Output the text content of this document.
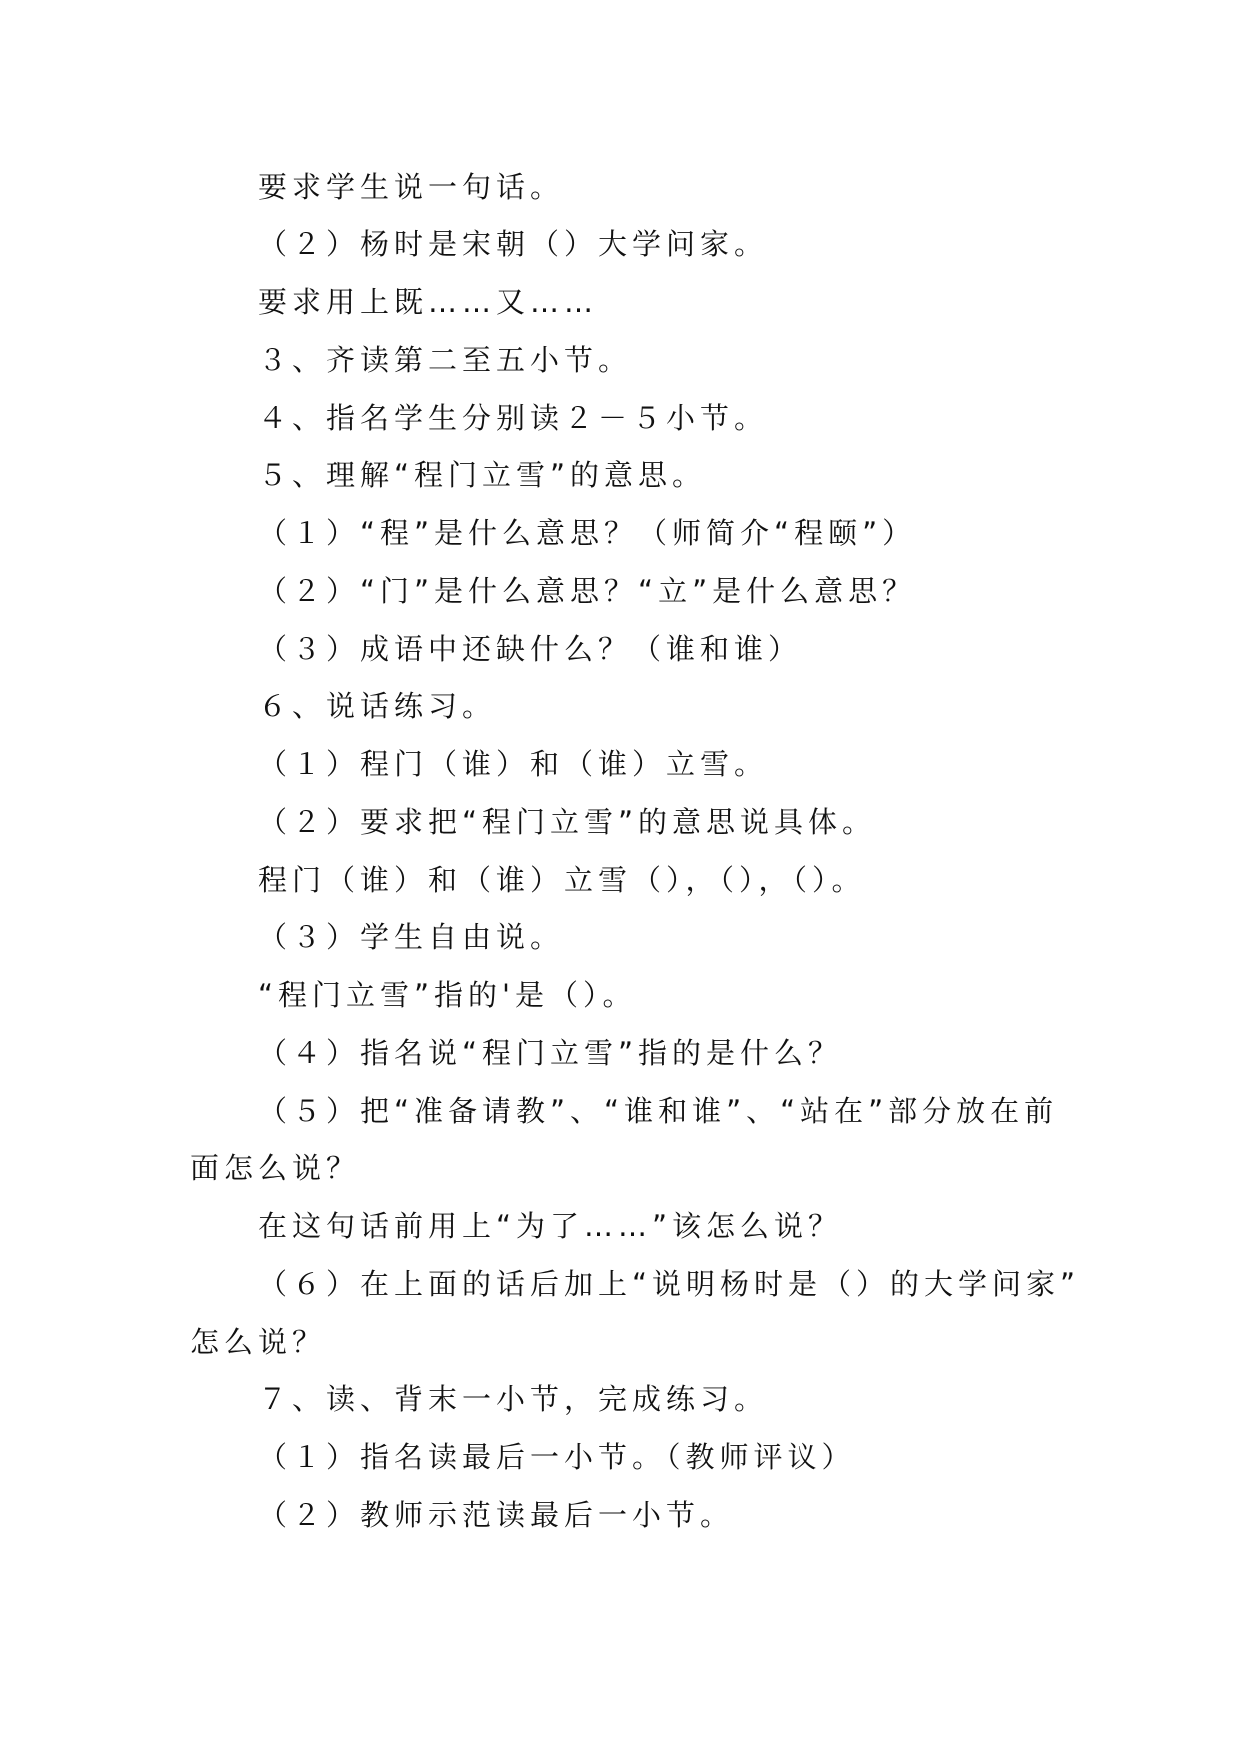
要求学生说一句话。
（２）杨时是宋朝（）大学问家。
要求用上既……又……
３、齐读第二至五小节。
４、指名学生分别读２－５小节。
５、理解“程门立雪”的意思。
（１）“程”是什么意思？（师简介“程颐”）
（２）“门”是什么意思？“立”是什么意思？
（３）成语中还缺什么？（谁和谁）
６、说话练习。
（１）程门（谁）和（谁）立雪。
（２）要求把“程门立雪”的意思说具体。
程门（谁）和（谁）立雪（），（），（）。
（３）学生自由说。
“程门立雪”指的'是（）。
（４）指名说“程门立雪”指的是什么？
（５）把“准备请教”、“谁和谁”、“站在”部分放在前
面怎么说？
在这句话前用上“为了……”该怎么说？
（６）在上面的话后加上“说明杨时是（）的大学问家”
怎么说？
７、读、背末一小节，完成练习。
（１）指名读最后一小节。（教师评议）
（２）教师示范读最后一小节。
